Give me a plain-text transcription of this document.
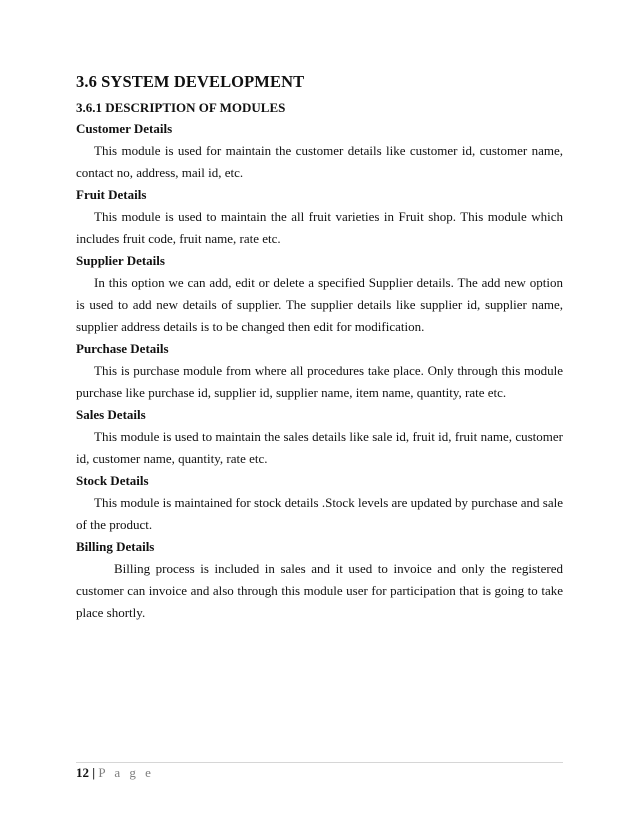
3.6 SYSTEM DEVELOPMENT
3.6.1 DESCRIPTION OF MODULES
Customer Details

This module is used for maintain the customer details like customer id, customer name, contact no, address, mail id, etc.

Fruit Details

This module is used to maintain the all fruit varieties in Fruit shop. This module which includes fruit code, fruit name, rate etc.

Supplier Details

In this option we can add, edit or delete a specified Supplier details. The add new option is used to add new details of supplier. The supplier details like supplier id, supplier name, supplier address details is to be changed then edit for modification.

Purchase Details

This is purchase module from where all procedures take place. Only through this module purchase like purchase id, supplier id, supplier name, item name, quantity, rate etc.

Sales Details

This module is used to maintain the sales details like sale id, fruit id, fruit name, customer id, customer name, quantity, rate etc.

Stock Details

This module is maintained for stock details .Stock levels are updated by purchase and sale of the product.

Billing Details

Billing process is included in sales and it used to invoice and only the registered customer can invoice and also through this module user for participation that is going to take place shortly.

12 | P a g e
